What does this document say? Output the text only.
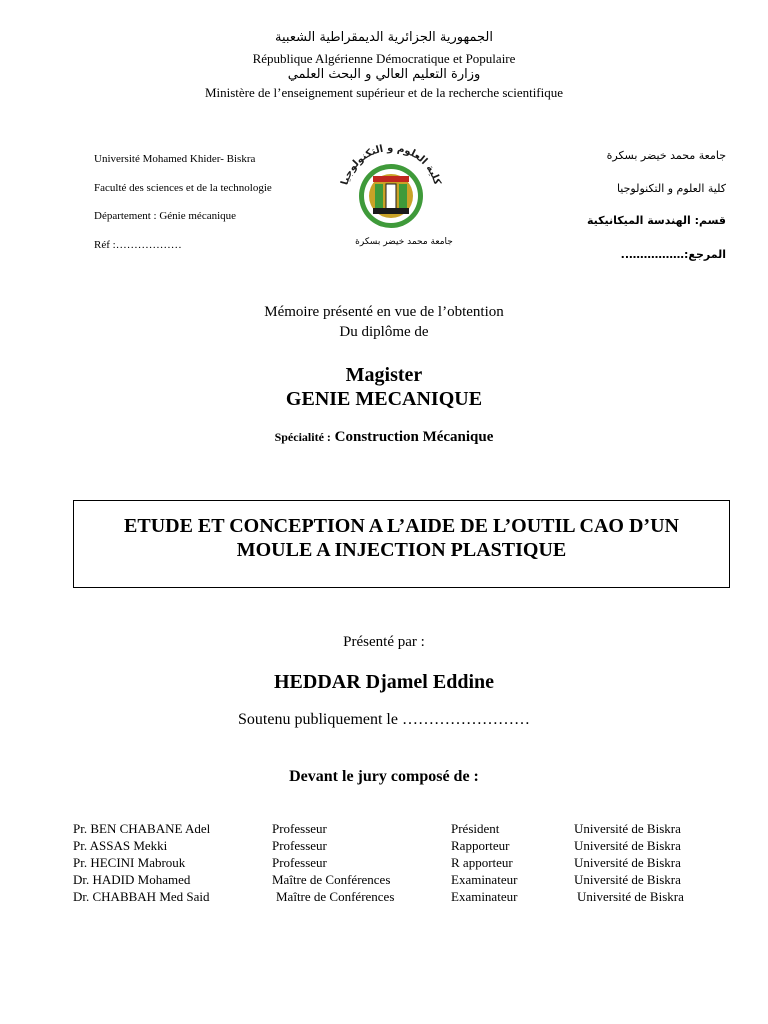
الجمهورية الجزائرية الديمقراطية الشعبية
République Algérienne Démocratique et Populaire
وزارة التعليم العالي و البحث العلمي
Ministère de l’enseignement supérieur et de la recherche scientifique
Université Mohamed Khider- Biskra
Faculté des sciences et de la technologie
Département : Génie mécanique
Réf :………………
جامعة محمد خيضر بسكرة
كلية العلوم و التكنولوجيا
قسم: الهندسة الميكانيكية
المرجع:……………..
كلية العلوم و التكنولوجيا
جامعة محمد خيضر بسكرة
Mémoire présenté en vue de l’obtention
Du diplôme de
Magister
GENIE MECANIQUE
Spécialité : Construction Mécanique
ETUDE ET CONCEPTION A L’AIDE DE L’OUTIL CAO D’UN
MOULE A INJECTION PLASTIQUE
Présenté par :
HEDDAR Djamel Eddine
Soutenu publiquement le ……………………
Devant le jury composé de :
Pr. BEN CHABANE Adel	Professeur	Président	Université de Biskra
Pr. ASSAS Mekki	Professeur	Rapporteur	Université de Biskra
Pr. HECINI Mabrouk	Professeur	R apporteur	Université de Biskra
Dr. HADID Mohamed	Maître de Conférences	Examinateur	Université de Biskra
Dr. CHABBAH Med Said	Maître de Conférences	Examinateur	Université de Biskra
